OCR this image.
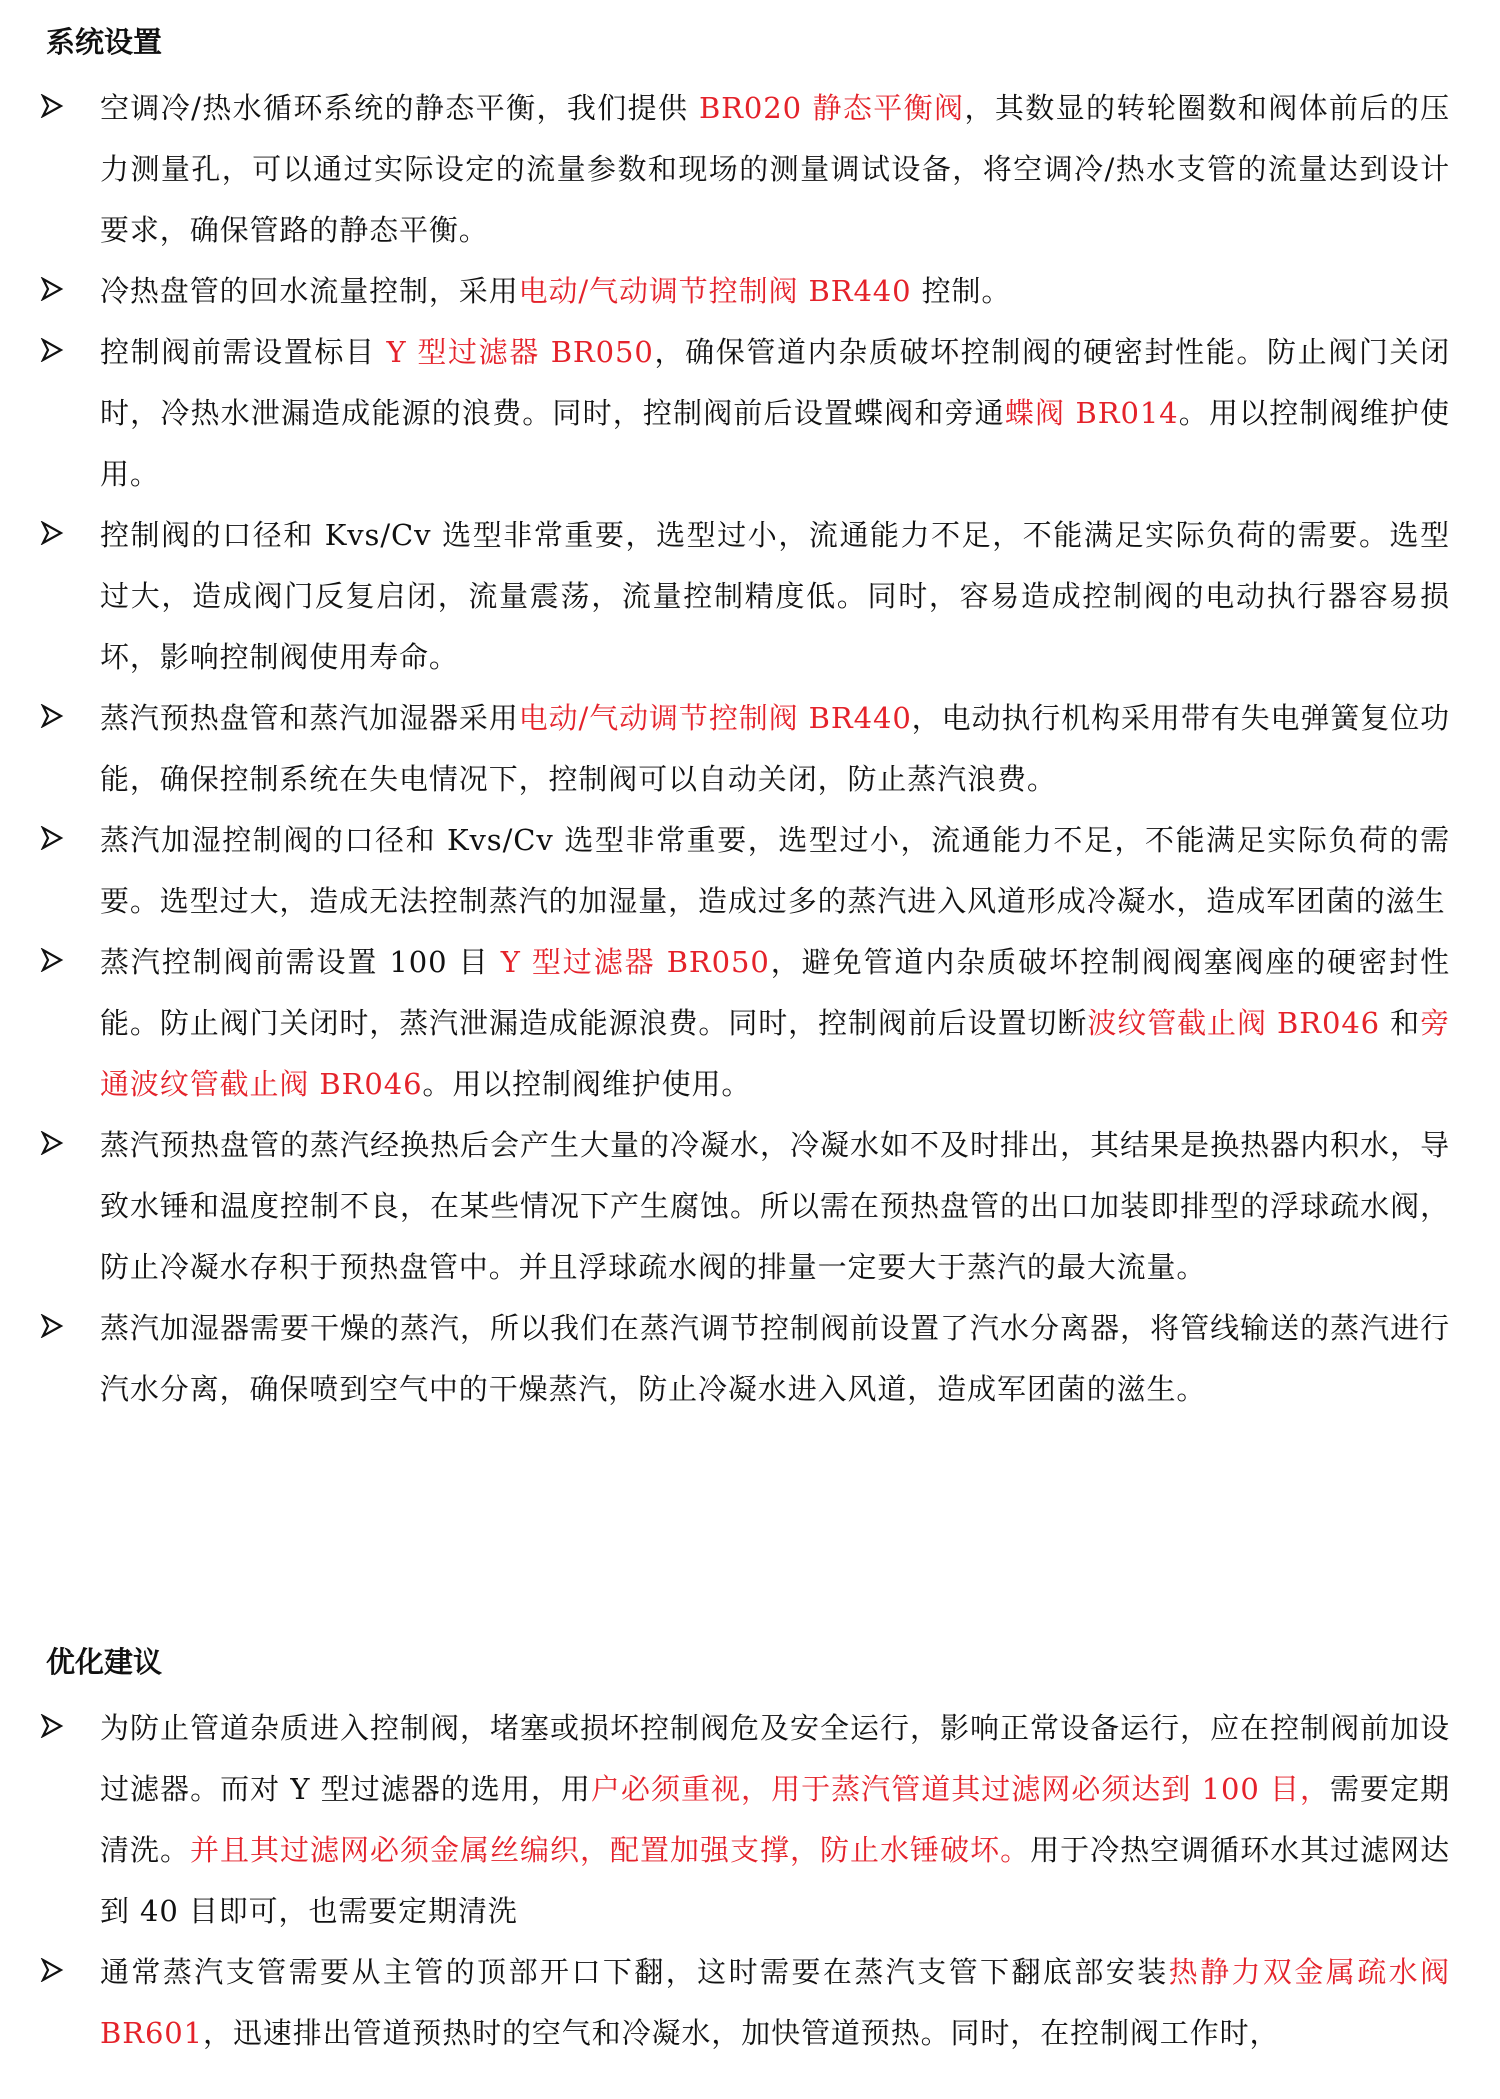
系统设置

空调冷/热水循环系统的静态平衡，我们提供 BR020 静态平衡阀，其数显的转轮圈数和阀体前后的压力测量孔，可以通过实际设定的流量参数和现场的测量调试设备，将空调冷/热水支管的流量达到设计要求，确保管路的静态平衡。

冷热盘管的回水流量控制，采用电动/气动调节控制阀 BR440 控制。

控制阀前需设置标目 Y 型过滤器 BR050，确保管道内杂质破坏控制阀的硬密封性能。防止阀门关闭时，冷热水泄漏造成能源的浪费。同时，控制阀前后设置蝶阀和旁通蝶阀 BR014。用以控制阀维护使用。

控制阀的口径和 Kvs/Cv 选型非常重要，选型过小，流通能力不足，不能满足实际负荷的需要。选型过大，造成阀门反复启闭，流量震荡，流量控制精度低。同时，容易造成控制阀的电动执行器容易损坏，影响控制阀使用寿命。

蒸汽预热盘管和蒸汽加湿器采用电动/气动调节控制阀 BR440，电动执行机构采用带有失电弹簧复位功能，确保控制系统在失电情况下，控制阀可以自动关闭，防止蒸汽浪费。

蒸汽加湿控制阀的口径和 Kvs/Cv 选型非常重要，选型过小，流通能力不足，不能满足实际负荷的需要。选型过大，造成无法控制蒸汽的加湿量，造成过多的蒸汽进入风道形成冷凝水，造成军团菌的滋生

蒸汽控制阀前需设置 100 目 Y 型过滤器 BR050，避免管道内杂质破坏控制阀阀塞阀座的硬密封性能。防止阀门关闭时，蒸汽泄漏造成能源浪费。同时，控制阀前后设置切断波纹管截止阀 BR046 和旁通波纹管截止阀 BR046。用以控制阀维护使用。

蒸汽预热盘管的蒸汽经换热后会产生大量的冷凝水，冷凝水如不及时排出，其结果是换热器内积水，导致水锤和温度控制不良，在某些情况下产生腐蚀。所以需在预热盘管的出口加装即排型的浮球疏水阀，防止冷凝水存积于预热盘管中。并且浮球疏水阀的排量一定要大于蒸汽的最大流量。

蒸汽加湿器需要干燥的蒸汽，所以我们在蒸汽调节控制阀前设置了汽水分离器，将管线输送的蒸汽进行汽水分离，确保喷到空气中的干燥蒸汽，防止冷凝水进入风道，造成军团菌的滋生。

优化建议

为防止管道杂质进入控制阀，堵塞或损坏控制阀危及安全运行，影响正常设备运行，应在控制阀前加设过滤器。而对 Y 型过滤器的选用，用户必须重视，用于蒸汽管道其过滤网必须达到 100 目，需要定期清洗。并且其过滤网必须金属丝编织，配置加强支撑，防止水锤破坏。用于冷热空调循环水其过滤网达到 40 目即可，也需要定期清洗

通常蒸汽支管需要从主管的顶部开口下翻，这时需要在蒸汽支管下翻底部安装热静力双金属疏水阀 BR601，迅速排出管道预热时的空气和冷凝水，加快管道预热。同时，在控制阀工作时，
